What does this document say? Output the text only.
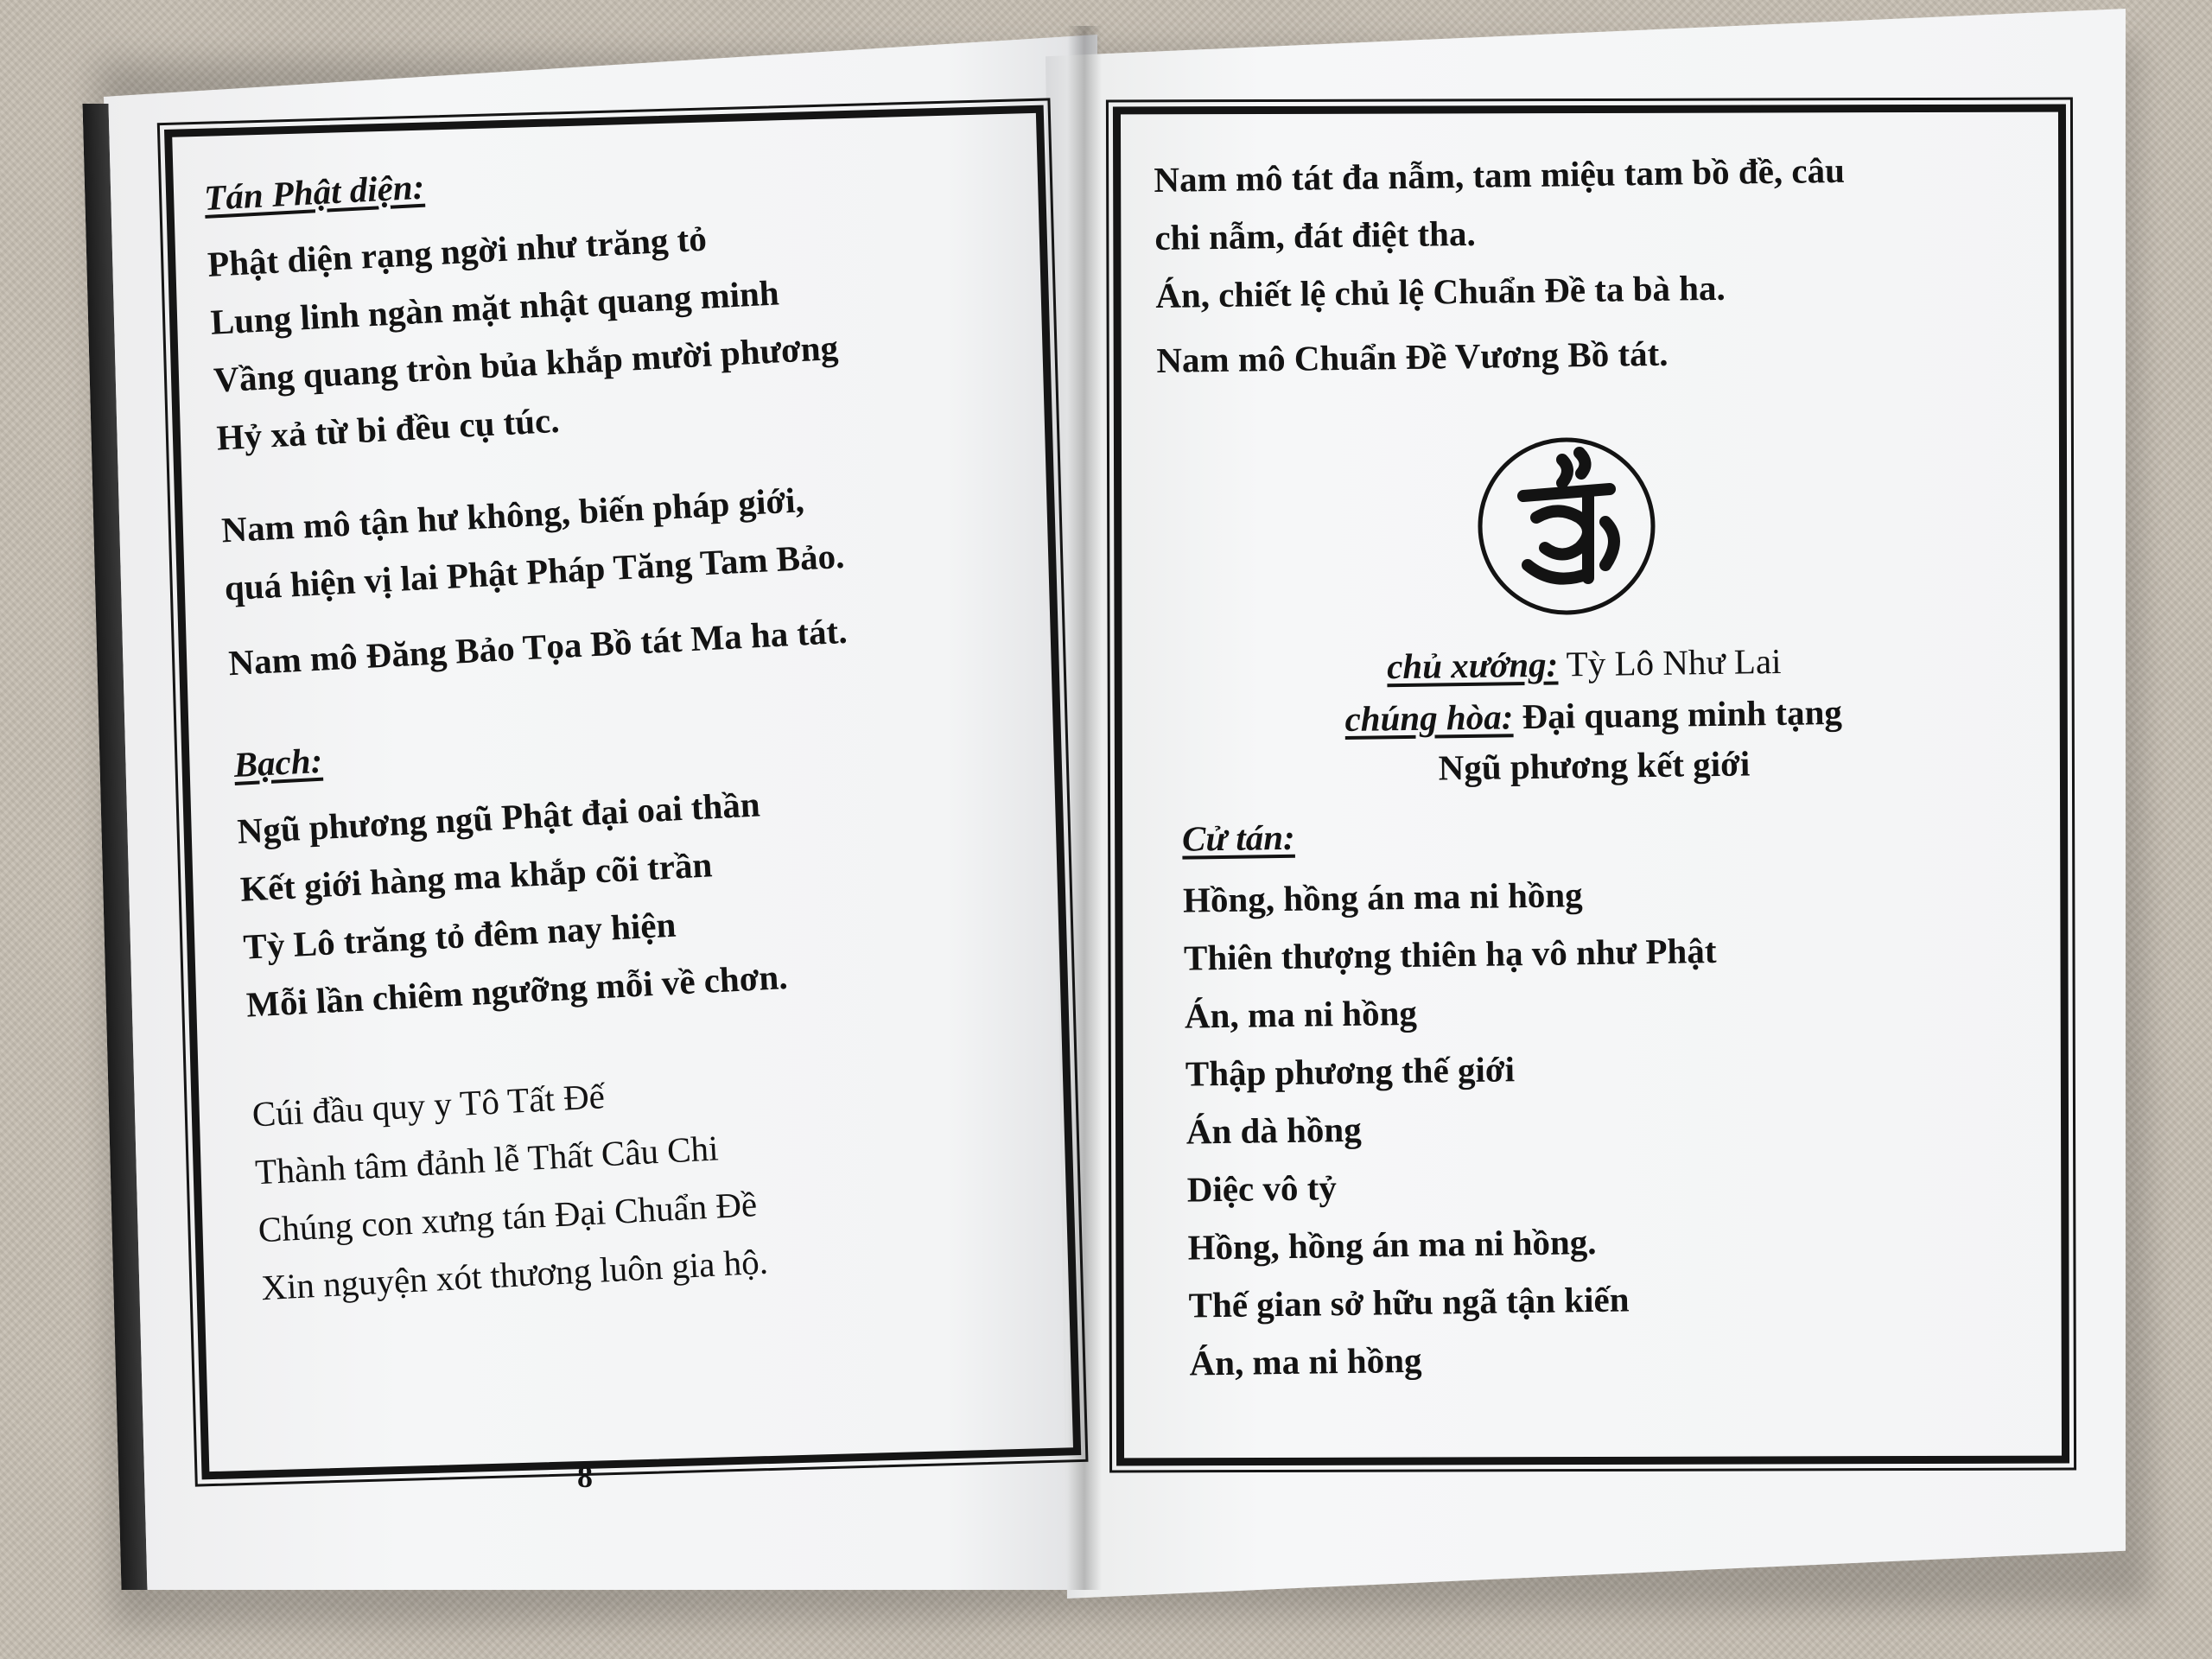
Tán Phật diện:

Phật diện rạng ngời như trăng tỏ

Lung linh ngàn mặt nhật quang minh

Vầng quang tròn bủa khắp mười phương

Hỷ xả từ bi đều cụ túc.

Nam mô tận hư không, biến pháp giới,

quá hiện vị lai Phật Pháp Tăng Tam Bảo.

Nam mô Đăng Bảo Tọa Bồ tát Ma ha tát.

Bạch:

Ngũ phương ngũ Phật đại oai thần

Kết giới hàng ma khắp cõi trần

Tỳ Lô trăng tỏ đêm nay hiện

Mỗi lần chiêm ngưỡng mỗi về chơn.

Cúi đầu quy y Tô Tất Đế

Thành tâm đảnh lễ Thất Câu Chi

Chúng con xưng tán Đại Chuẩn Đề

Xin nguyện xót thương luôn gia hộ.

8

Nam mô tát đa nẫm, tam miệu tam bồ đề, câu

chi nẫm, đát điệt tha.

Án, chiết lệ chủ lệ Chuẩn Đề ta bà ha.

Nam mô Chuẩn Đề Vương Bồ tát.

chủ xướng: Tỳ Lô Như Lai
chúng hòa: Đại quang minh tạng
Ngũ phương kết giới

Cử tán:

Hồng, hồng án ma ni hồng

Thiên thượng thiên hạ vô như Phật

Án, ma ni hồng

Thập phương thế giới

Án dà hồng

Diệc vô tỷ

Hồng, hồng án ma ni hồng.

Thế gian sở hữu ngã tận kiến

Án, ma ni hồng
